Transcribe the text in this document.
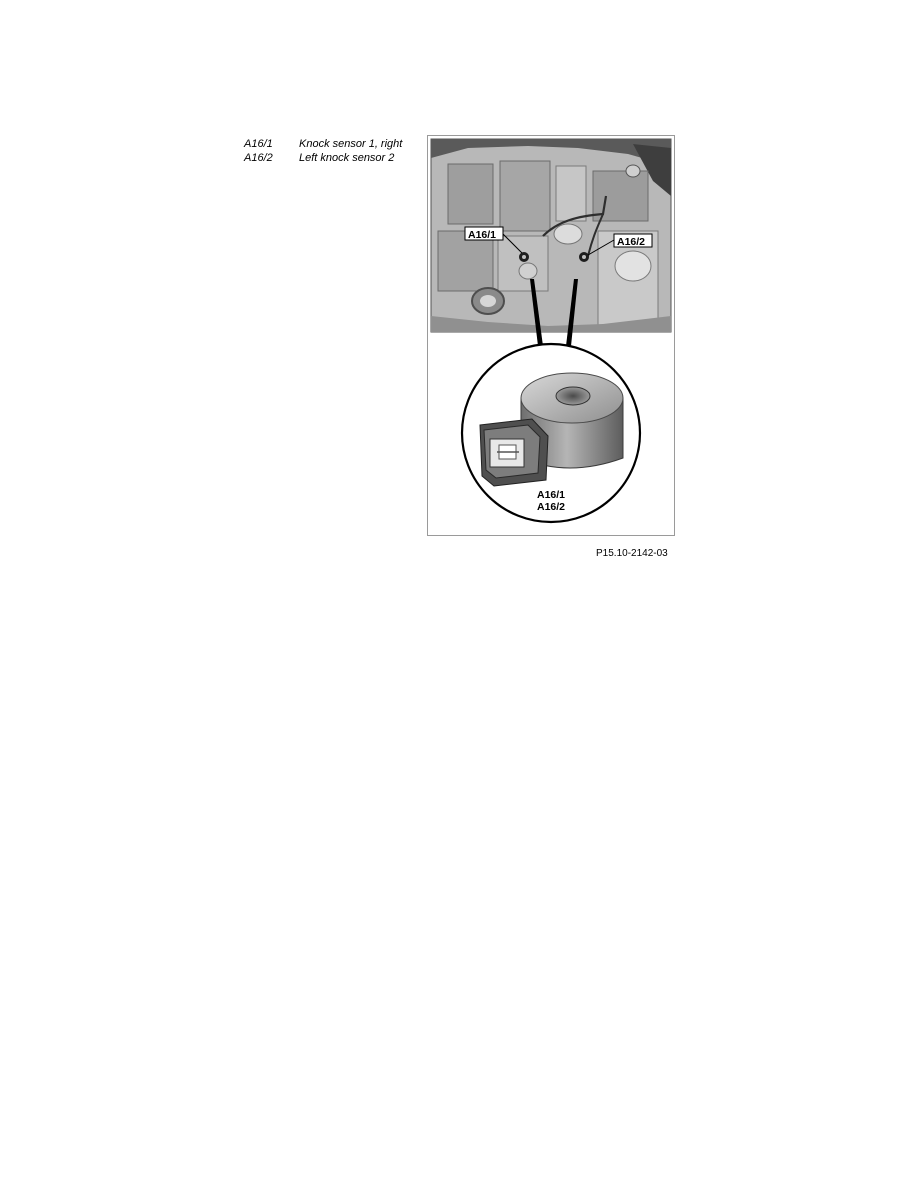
A16/1	Knock sensor 1, right
A16/2	Left knock sensor 2
A16/1
A16/2
A16/1
A16/2
P15.10-2142-03
